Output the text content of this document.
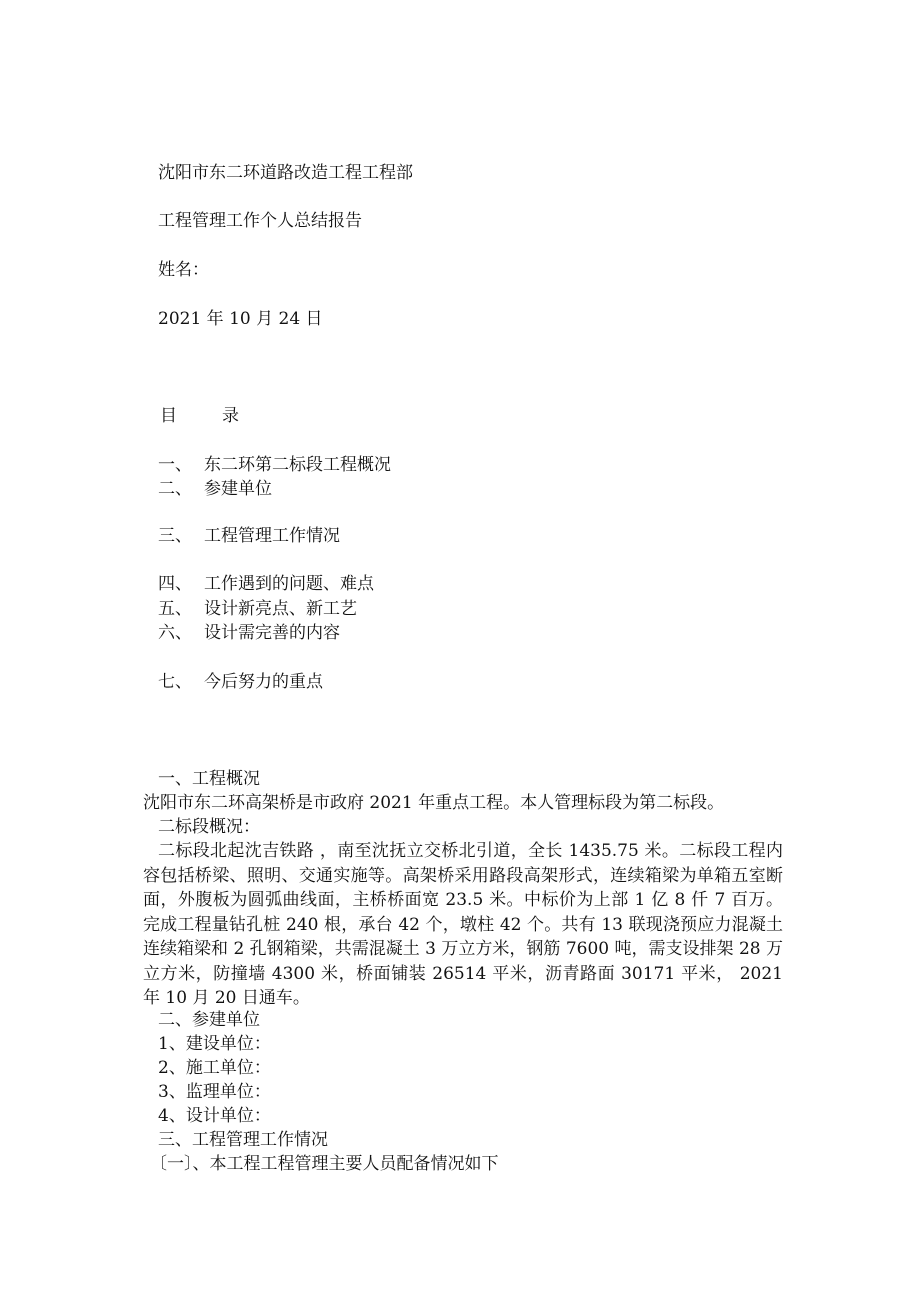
沈阳市东二环道路改造工程工程部
工程管理工作个人总结报告
姓名：
2021 年 10 月 24 日
目	录
一、 东二环第二标段工程概况
二、 参建单位
三、 工程管理工作情况
四、 工作遇到的问题、难点
五、 设计新亮点、新工艺
六、 设计需完善的内容
七、 今后努力的重点
一、工程概况
沈阳市东二环高架桥是市政府 2021 年重点工程。本人管理标段为第二标段。
二标段概况：
二标段北起沈吉铁路 ，南至沈抚立交桥北引道，全长 1435.75 米。二标段工程内容包括桥梁、照明、交通实施等。高架桥采用路段高架形式，连续箱梁为单箱五室断面，外腹板为圆弧曲线面，主桥桥面宽 23.5 米。中标价为上部 1 亿 8 仟 7 百万。完成工程量钻孔桩 240 根，承台 42 个，墩柱 42 个。共有 13 联现浇预应力混凝土连续箱梁和 2 孔钢箱梁，共需混凝土 3 万立方米，钢筋 7600 吨，需支设排架 28 万立方米，防撞墙 4300 米，桥面铺装 26514 平米，沥青路面 30171 平米， 2021 年 10 月 20 日通车。
二、参建单位
1、建设单位：
2、施工单位：
3、监理单位：
4、设计单位：
三、工程管理工作情况
〔一〕、本工程工程管理主要人员配备情况如下
